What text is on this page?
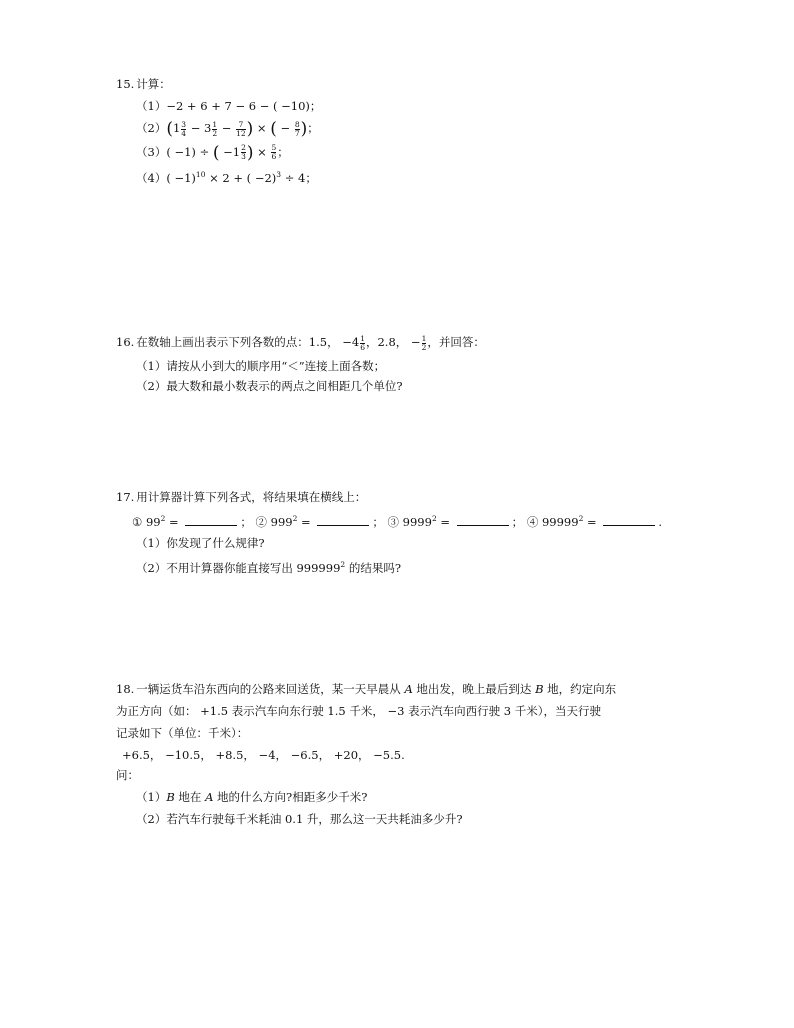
15. 计算：
（1）−2 + 6 + 7 − 6 − ( −10)；
$(2)(1 \frac{3}{4} - 3 \frac{1}{2} - \frac{7}{12}$ ) × ( − $\frac{8}{7}$ )；
（3）( −1) ÷ ( $-1 \frac{2}{3}$ ) × $\frac{5}{6}$ ；
$(4)( -1)^{10} \times 2$ + ( −2)$^3$ ÷ 4；
16. 在数轴上画出表示下列各数的点：1.5， $-4 \frac{1}{6}$ ，2.8， − $\frac{1}{2}$ ，并回答：
（1）请按从小到大的顺序用“＜”连接上面各数；
（2）最大数和最小数表示的两点之间相距几个单位?
17. 用计算器计算下列各式，将结果填在横线上：
① $99^2$ =	； ② $999^2$ =	； ③ $9999^2$ =	； ④ $99999^2$ =	.
（1）你发现了什么规律?
（2）不用计算器你能直接写出 999999$^2$ 的结果吗?
18. 一辆运货车沿东西向的公路来回送货，某一天早晨从 A 地出发，晚上最后到达 B 地，约定向东
为正方向（如： +1.5 表示汽车向东行驶 1.5 千米， −3 表示汽车向西行驶 3 千米），当天行驶
记录如下（单位：千米）：
+6.5， −10.5， +8.5， −4， −6.5， +20， −5.5.
问：
（1）B 地在 A 地的什么方向?相距多少千米?
（2）若汽车行驶每千米耗油 0.1 升，那么这一天共耗油多少升?
